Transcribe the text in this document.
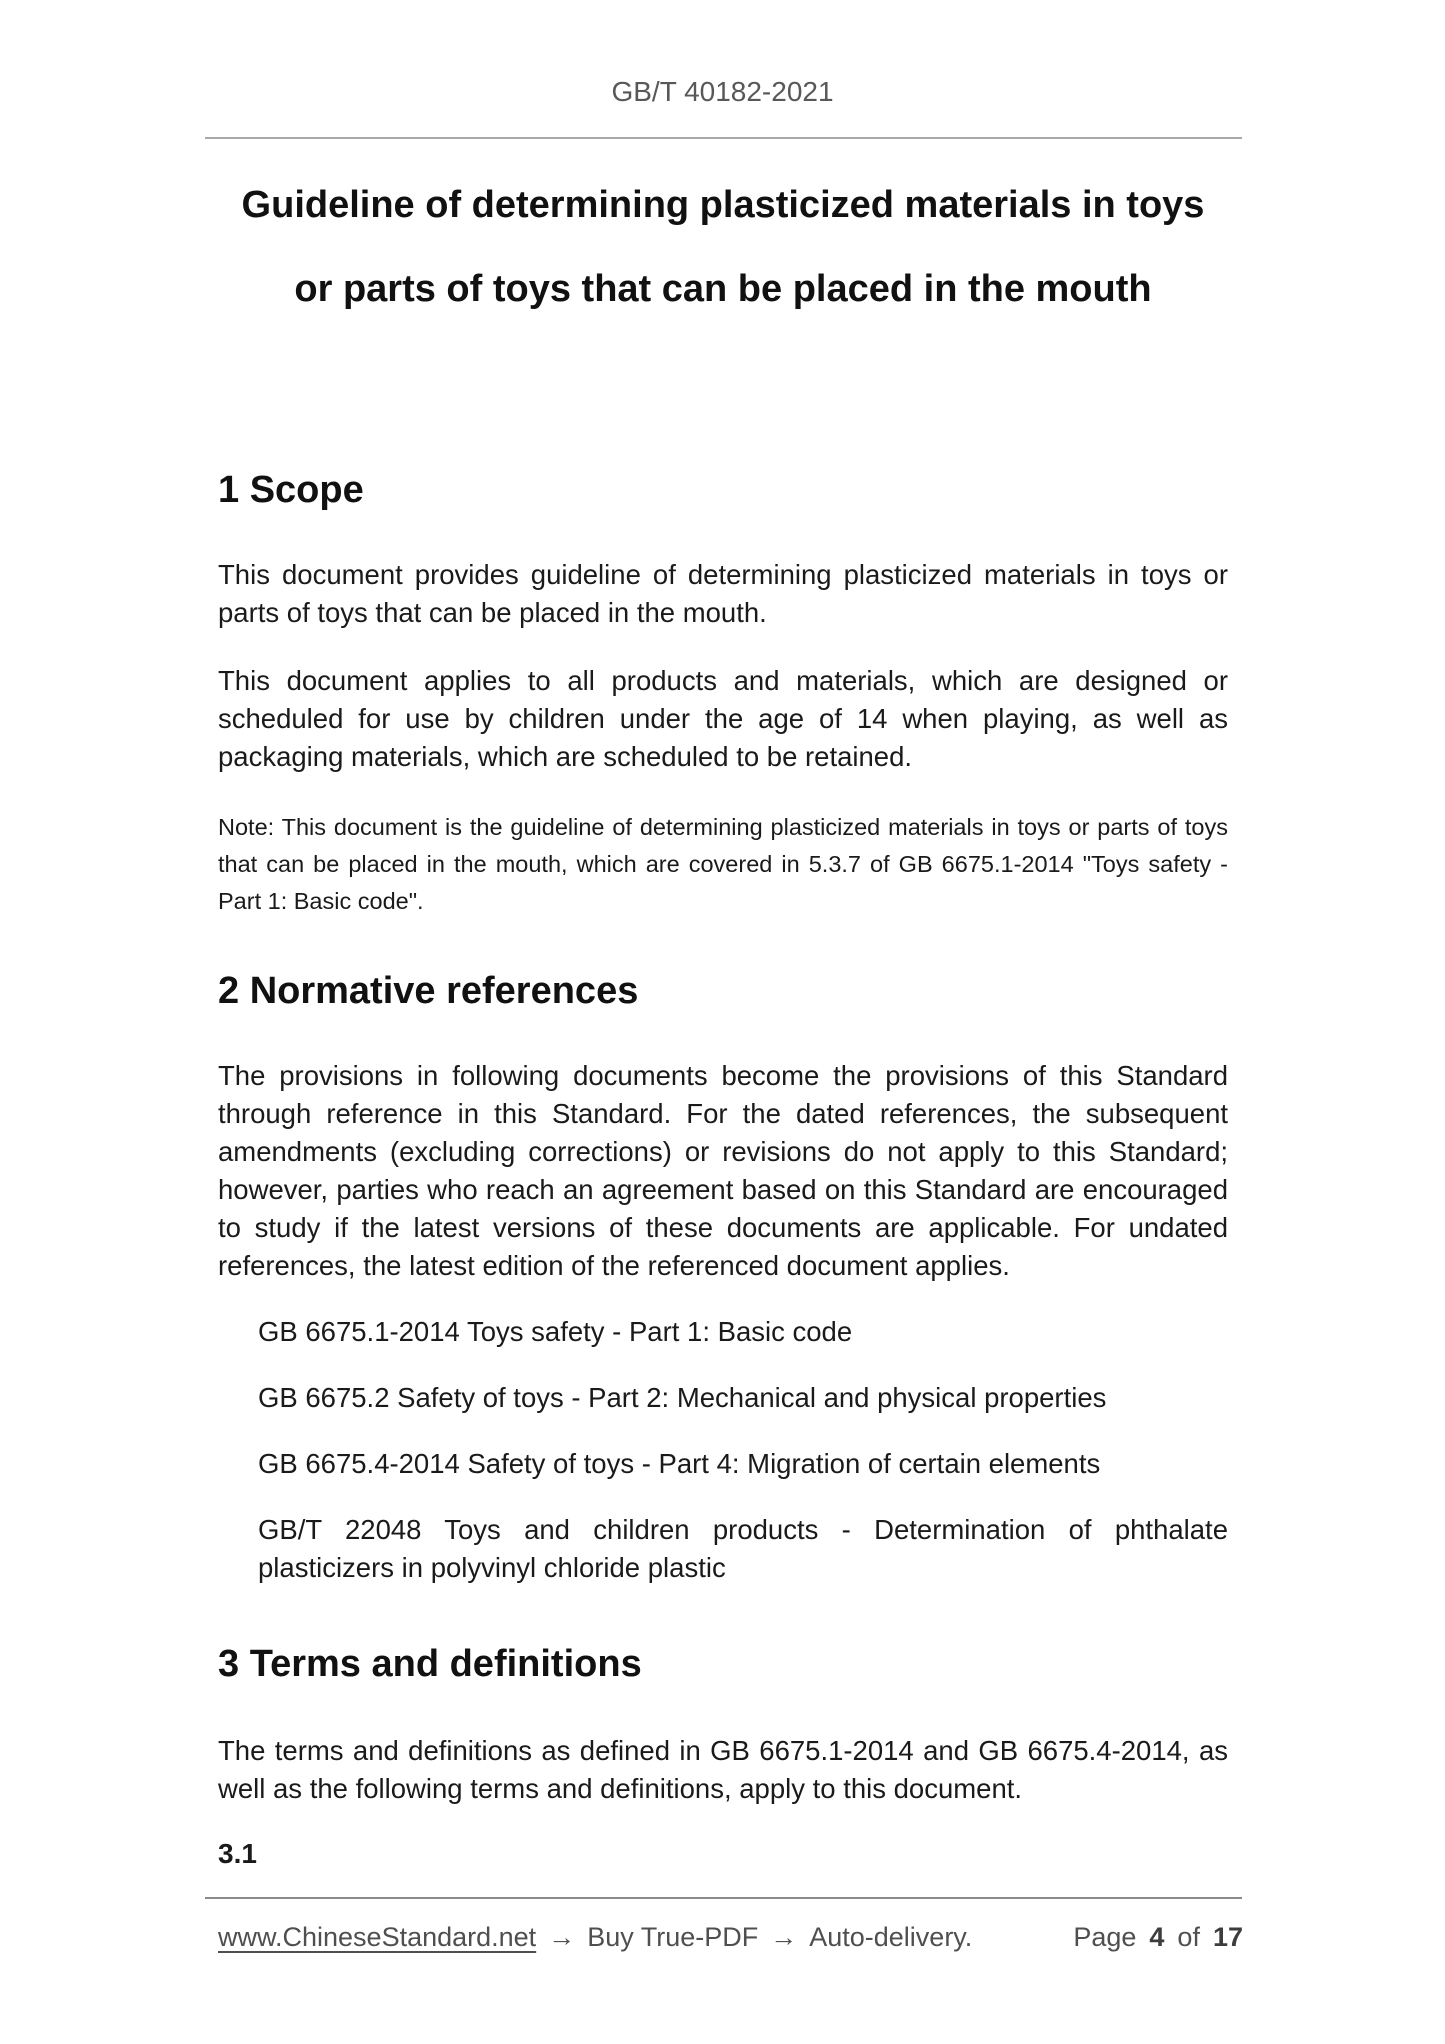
GB/T 40182-2021
Guideline of determining plasticized materials in toys
or parts of toys that can be placed in the mouth
1 Scope

This document provides guideline of determining plasticized materials in toys or parts of toys that can be placed in the mouth.

This document applies to all products and materials, which are designed or scheduled for use by children under the age of 14 when playing, as well as packaging materials, which are scheduled to be retained.

Note: This document is the guideline of determining plasticized materials in toys or parts of toys that can be placed in the mouth, which are covered in 5.3.7 of GB 6675.1-2014 "Toys safety - Part 1: Basic code".

2 Normative references

The provisions in following documents become the provisions of this Standard through reference in this Standard. For the dated references, the subsequent amendments (excluding corrections) or revisions do not apply to this Standard; however, parties who reach an agreement based on this Standard are encouraged to study if the latest versions of these documents are applicable. For undated references, the latest edition of the referenced document applies.

GB 6675.1-2014 Toys safety - Part 1: Basic code

GB 6675.2 Safety of toys - Part 2: Mechanical and physical properties

GB 6675.4-2014 Safety of toys - Part 4: Migration of certain elements

GB/T 22048 Toys and children products - Determination of phthalate plasticizers in polyvinyl chloride plastic

3 Terms and definitions

The terms and definitions as defined in GB 6675.1-2014 and GB 6675.4-2014, as well as the following terms and definitions, apply to this document.

3.1
www.ChineseStandard.net → Buy True-PDF → Auto-delivery.	Page 4 of 17
